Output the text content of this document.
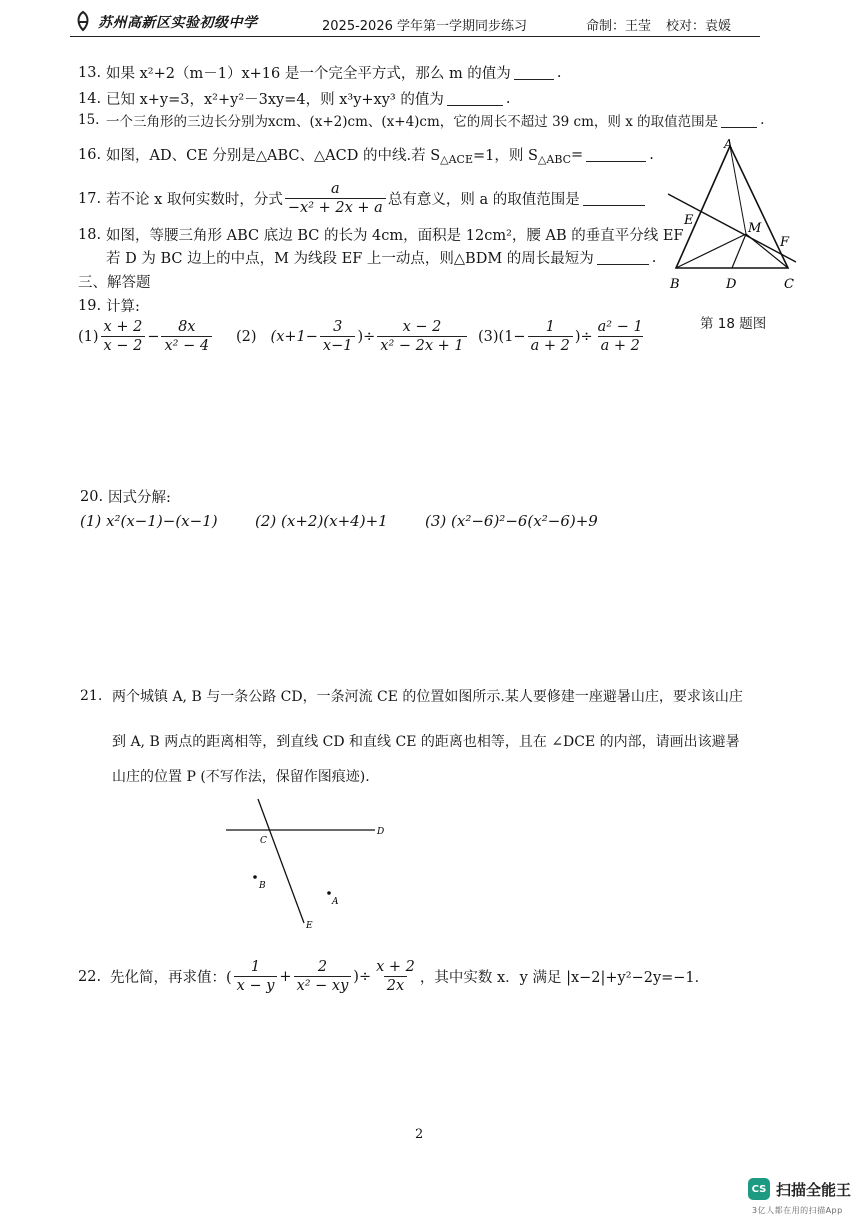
苏州高新区实验初级中学	2025-2026 学年第一学期同步练习	命制：王莹 校对：袁媛
13. 如果 x²+2（m－1）x+16 是一个完全平方式，那么 m 的值为	.
14. 已知 x+y=3，x²+y²－3xy=4，则 x³y+xy³ 的值为	.
15. 一个三角形的三边长分别为xcm、(x+2)cm、(x+4)cm，它的周长不超过 39 cm，则 x 的取值范围是	.
16. 如图，AD、CE 分别是△ABC、△ACD 的中线.若 S △ACE =1，则 S △ABC =	.
17. 若不论 x 取何实数时，分式 $\frac{a}{\text{−x² + 2x + a}}$ 总有意义，则 a 的取值范围是
18. 如图，等腰三角形 ABC 底边 BC 的长为 4cm，面积是 12cm²，腰 AB 的垂直平分线 EF
若 D 为 BC 边上的中点，M 为线段 EF 上一动点，则△BDM 的周长最短为	.
A
E
M
F
B	D	C
第 18 题图
三、解答题
19. 计算:
$(1) \frac{x + 2}{x - 2} - \frac{8x}{\text{x² − 4}} (2)$ ($x+1- \frac{3}{x-1}$ )÷ $\frac{x - 2}{\text{x² − 2x + 1}} (3)$ ($1- \frac{1}{a + 2}$ )÷ $\frac{\text{a² − 1}}{a + 2}$
20. 因式分解:
(1) x²(x−1)−(x−1) (2) (x+2)(x+4)+1 (3) (x²−6)²−6(x²−6)+9
21. 两个城镇 A, B 与一条公路 CD，一条河流 CE 的位置如图所示.某人要修建一座避暑山庄，要求该山庄
到 A, B 两点的距离相等，到直线 CD 和直线 CE 的距离也相等，且在 ∠DCE 的内部，请画出该避暑
山庄的位置 P (不写作法，保留作图痕迹).
C
D
B
A
E
22. 先化简，再求值：( $\frac{1}{x - y} + \frac{2}{\text{x² − xy}}$ )÷ $\frac{x + 2}{2x}$ ，其中实数 x．y 满足 |x−2|+y²−2y=−1．
2
CS 扫描全能王
3亿人都在用的扫描App
